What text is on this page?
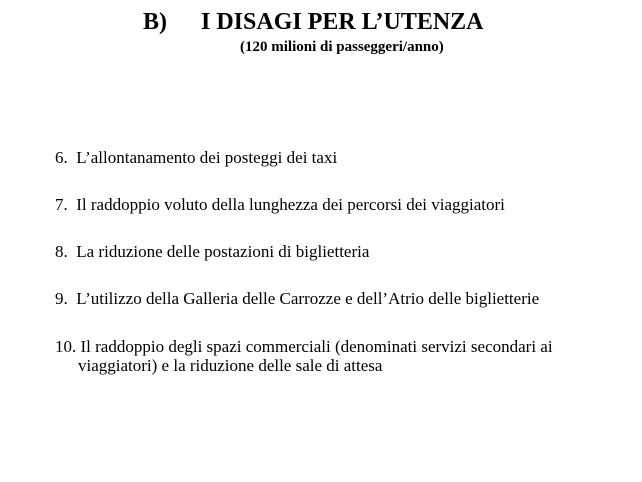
B) I DISAGI PER L’UTENZA
(120 milioni di passeggeri/anno)
6. L’allontanamento dei posteggi dei taxi
7. Il raddoppio voluto della lunghezza dei percorsi dei viaggiatori
8. La riduzione delle postazioni di biglietteria
9. L’utilizzo della Galleria delle Carrozze e dell’Atrio delle biglietterie
10. Il raddoppio degli spazi commerciali (denominati servizi secondari ai
viaggiatori) e la riduzione delle sale di attesa
